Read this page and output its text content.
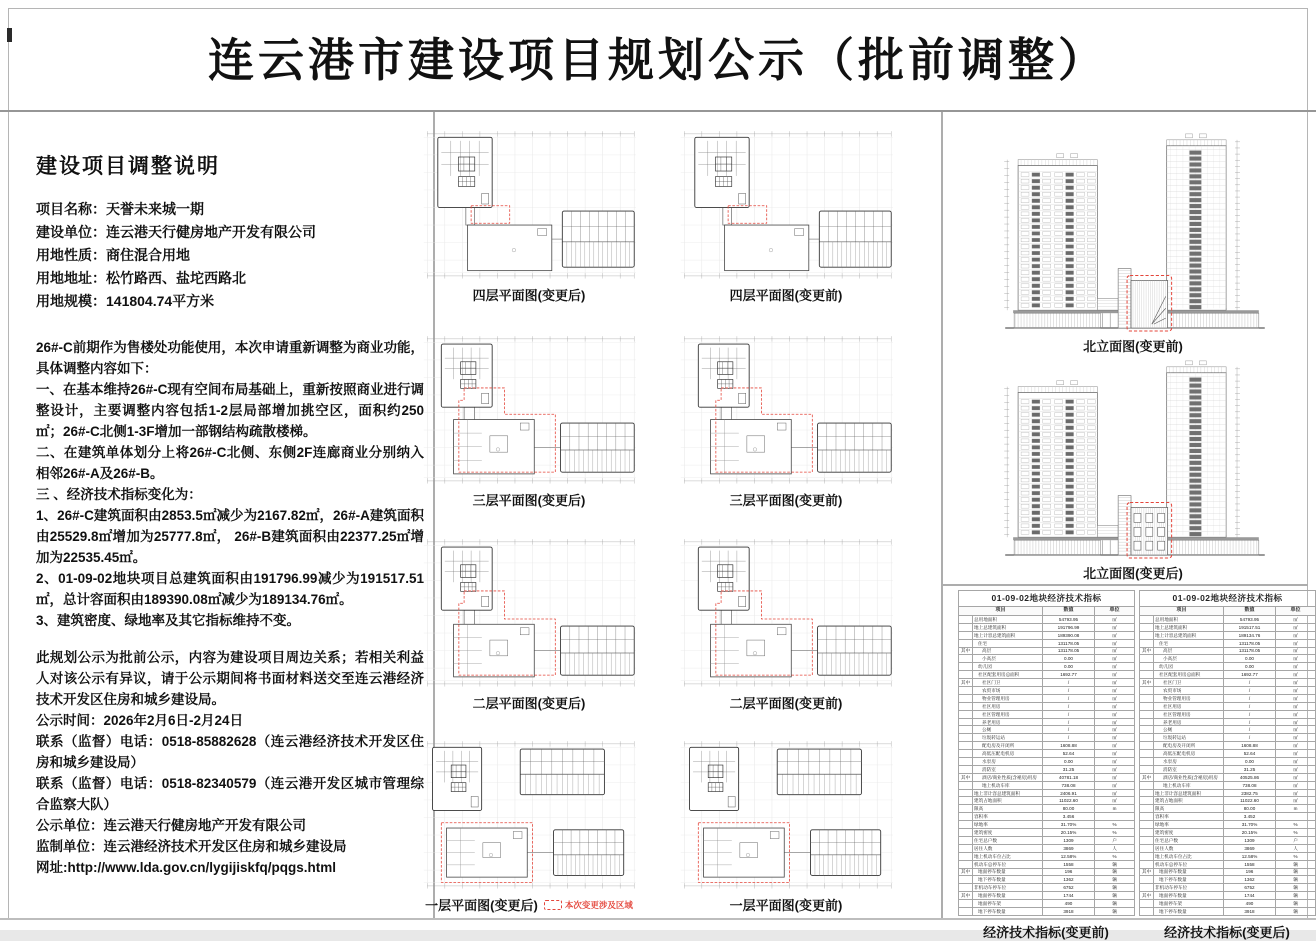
连云港市建设项目规划公示（批前调整）
建设项目调整说明
项目名称：天誉未来城一期
建设单位：连云港天行健房地产开发有限公司
用地性质：商住混合用地
用地地址：松竹路西、盐坨西路北
用地规模：141804.74平方米
26#-C前期作为售楼处功能使用，本次申请重新调整为商业功能，具体调整内容如下：
一、在基本维持26#-C现有空间布局基础上，重新按照商业进行调整设计，主要调整内容包括1-2层局部增加挑空区，面积约250㎡；26#-C北侧1-3F增加一部钢结构疏散楼梯。
二、在建筑单体划分上将26#-C北侧、东侧2F连廊商业分别纳入相邻26#-A及26#-B。
三 、经济技术指标变化为：
1、26#-C建筑面积由2853.5㎡减少为2167.82㎡，26#-A建筑面积由25529.8㎡增加为25777.8㎡， 26#-B建筑面积由22377.25㎡增加为22535.45㎡。
2、01-09-02地块项目总建筑面积由191796.99减少为191517.51㎡，总计容面积由189390.08㎡减少为189134.76㎡。
3、建筑密度、绿地率及其它指标维持不变。
此规划公示为批前公示，内容为建设项目周边关系；若相关利益人对该公示有异议，请于公示期间将书面材料送交至连云港经济技术开发区住房和城乡建设局。
公示时间：2026年2月6日-2月24日
联系（监督）电话：0518-85882628（连云港经济技术开发区住房和城乡建设局）
联系（监督）电话：0518-82340579（连云港开发区城市管理综合监察大队）
公示单位：连云港天行健房地产开发有限公司
监制单位：连云港经济技术开发区住房和城乡建设局
网址:http://www.lda.gov.cn/lygijiskfq/pqgs.html
四层平面图(变更后)	四层平面图(变更前)
三层平面图(变更后)	三层平面图(变更前)
二层平面图(变更后)	二层平面图(变更前)
一层平面图(变更后)	本次变更涉及区域	一层平面图(变更前)
北立面图(变更前)
北立面图(变更后)
01-09-02地块经济技术指标			
项目		数值	单位
	总用地面积	54793.95	㎡
	地上总建筑面积	191796.99	㎡
	地上计容总建筑面积	189390.08	㎡
	住宅	131178.05	㎡
其中	高层	131178.05	㎡
	小高层	0.00	㎡
	幼儿园	0.00	㎡
	社区配套用房总面积	1692.77	㎡
其中	社区门卫	/	㎡
	农贸市场	/	㎡
	物业管理用房	/	㎡
	社区用房	/	㎡
	社区管理用房	/	㎡
	养老用房	/	㎡
	公厕	/	㎡
	垃圾转运站	/	㎡
	配电房及开闭所	1608.88	㎡
	高低压配电机房	52.64	㎡
	水泵房	0.00	㎡
	消防室	31.25	㎡
其中	酒店/商业性质(含裙房)用房	40781.18	㎡
	地上机动车库	738.08	㎡
	地上非计容总建筑面积	2406.91	㎡
	建筑占地面积	11022.60	㎡
	限高	80.00	m
	容积率	3.456	
	绿地率	31.70%	%
	建筑密度	20.15%	%
	住宅总户数	1309	户
	居住人数	3869	人
	地上机动车位占比	12.58%	%
	机动车总停车位	1558	辆
其中	地面停车数量	196	辆
	地下停车数量	1362	辆
	非机动车停车位	6752	辆
其中	地面停车数量	1744	辆
	地面停车架	490	辆
	地下停车数量	3918	辆
经济技术指标(变更前)
01-09-02地块经济技术指标			
项目		数值	单位
	总用地面积	54793.95	㎡
	地上总建筑面积	191517.51	㎡
	地上计容总建筑面积	189134.76	㎡
	住宅	131178.05	㎡
其中	高层	131178.05	㎡
	小高层	0.00	㎡
	幼儿园	0.00	㎡
	社区配套用房总面积	1692.77	㎡
其中	社区门卫	/	㎡
	农贸市场	/	㎡
	物业管理用房	/	㎡
	社区用房	/	㎡
	社区管理用房	/	㎡
	养老用房	/	㎡
	公厕	/	㎡
	垃圾转运站	/	㎡
	配电房及开闭所	1608.88	㎡
	高低压配电机房	52.64	㎡
	水泵房	0.00	㎡
	消防室	31.25	㎡
其中	酒店/商业性质(含裙房)用房	40525.86	㎡
	地上机动车库	738.08	㎡
	地上非计容总建筑面积	2382.75	㎡
	建筑占地面积	11022.60	㎡
	限高	80.00	m
	容积率	3.452	
	绿地率	31.70%	%
	建筑密度	20.15%	%
	住宅总户数	1309	户
	居住人数	3869	人
	地上机动车位占比	12.58%	%
	机动车总停车位	1558	辆
其中	地面停车数量	196	辆
	地下停车数量	1362	辆
	非机动车停车位	6752	辆
其中	地面停车数量	1744	辆
	地面停车架	490	辆
	地下停车数量	3918	辆
经济技术指标(变更后)
